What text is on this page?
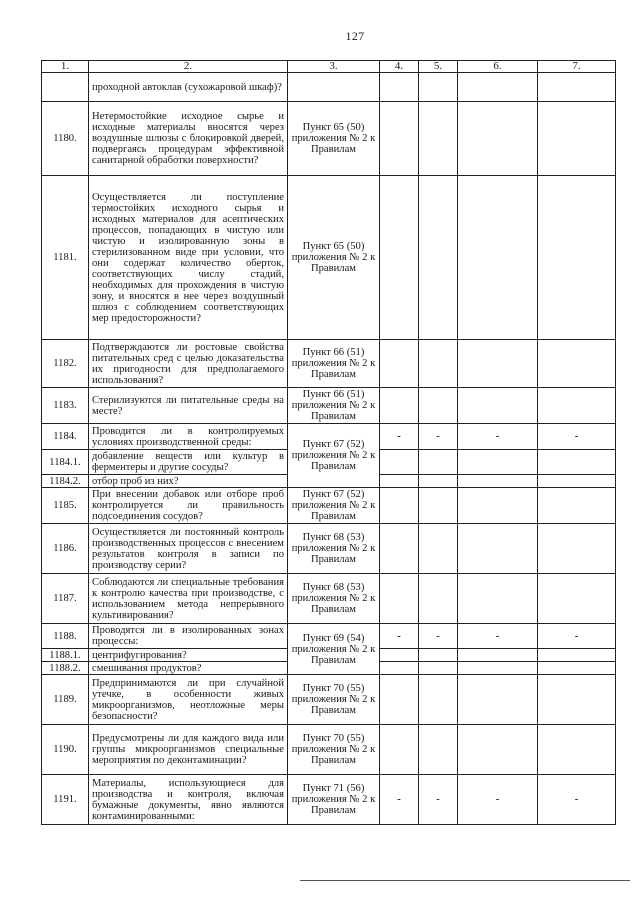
127
1.	2.	3.	4.	5.	6.	7.
	проходной автоклав (сухожаровой шкаф)?					
1180.	Нетермостойкие исходное сырье и исходные материалы вносятся через воздушные шлюзы с блокировкой дверей, подвергаясь процедурам эффективной санитарной обработки поверхности?	Пункт 65 (50) приложения № 2 к Правилам				
1181.	Осуществляется ли поступление термостойких исходного сырья и исходных материалов для асептических процессов, попадающих в чистую или чистую и изолированную зоны в стерилизованном виде при условии, что они содержат количество оберток, соответствующих числу стадий, необходимых для прохождения в чистую зону, и вносятся в нее через воздушный шлюз с соблюдением соответствующих мер предосторожности?	Пункт 65 (50) приложения № 2 к Правилам				
1182.	Подтверждаются ли ростовые свойства питательных сред с целью доказательства их пригодности для предполагаемого использования?	Пункт 66 (51) приложения № 2 к Правилам				
1183.	Стерилизуются ли питательные среды на месте?	Пункт 66 (51) приложения № 2 к Правилам				
1184.	Проводится ли в контролируемых условиях производственной среды:	Пункт 67 (52) приложения № 2 к Правилам	-	-	-	-
1184.1.	добавление веществ или культур в ферментеры и другие сосуды?					
1184.2.	отбор проб из них?					
1185.	При внесении добавок или отборе проб контролируется ли правильность подсоединения сосудов?	Пункт 67 (52) приложения № 2 к Правилам				
1186.	Осуществляется ли постоянный контроль производственных процессов с внесением результатов контроля в записи по производству серии?	Пункт 68 (53) приложения № 2 к Правилам				
1187.	Соблюдаются ли специальные требования к контролю качества при производстве, с использованием метода непрерывного культивирования?	Пункт 68 (53) приложения № 2 к Правилам				
1188.	Проводятся ли в изолированных зонах процессы:	Пункт 69 (54) приложения № 2 к Правилам	-	-	-	-
1188.1.	центрифугирования?					
1188.2.	смешивания продуктов?					
1189.	Предпринимаются ли при случайной утечке, в особенности живых микроорганизмов, неотложные меры безопасности?	Пункт 70 (55) приложения № 2 к Правилам				
1190.	Предусмотрены ли для каждого вида или группы микроорганизмов специальные мероприятия по деконтаминации?	Пункт 70 (55) приложения № 2 к Правилам				
1191.	Материалы, использующиеся для производства и контроля, включая бумажные документы, явно являются контаминированными:	Пункт 71 (56) приложения № 2 к Правилам	-	-	-	-
